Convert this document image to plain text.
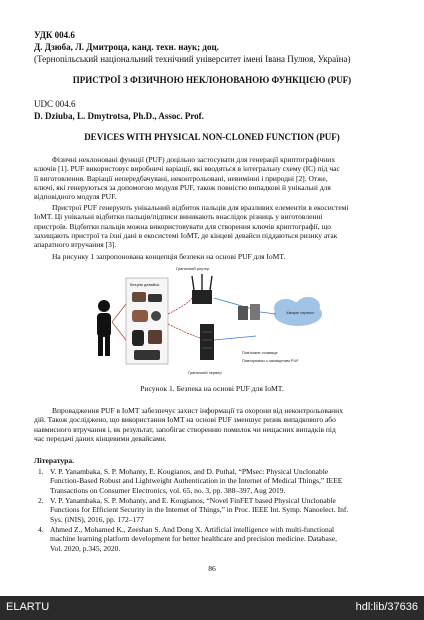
УДК 004.6
Д. Дзюба, Л. Дмитроца, канд. техн. наук; доц.
(Тернопільський національний технічний університет імені Івана Пулюя, Україна)
ПРИСТРОЇ З ФІЗИЧНОЮ НЕКЛОНОВАНОЮ ФУНКЦІЄЮ (PUF)
UDC 004.6
D. Dziuba, L. Dmytrotsa, Ph.D., Assoc. Prof.
DEVICES WITH PHYSICAL NON-CLONED FUNCTION (PUF)
Фізичні неклоновані функції (PUF) доцільно застосувати для генерації криптографічних
ключів [1]. PUF використовує виробничі варіації, які вводяться в інтегральну схему (ІС) під час
її виготовлення. Варіації непередбачувані, неконтрольовані, невимінні і природні [2]. Отже,
ключі, які генеруються за допомогою модуля PUF, також повністю випадкові й унікальні для
відповідного модуля PUF.
Пристрої PUF генерують унікальний відбиток пальців для вразливих елементів в екосистемі
IoMT. Ці унікальні відбитки пальців/підписи виникають внаслідок різниць у виготовленні
пристроїв. Відбитки пальців можна використовувати для створення ключів криптографії, що
захищають пристрої та їхні дані в екосистемі IoMT, де кінцеві девайси піддаються ризику атак
апаратного втручання [3].
На рисунку 1 запропонована концепція безпеки на основі PUF для IoMT.
Кінцеві девайси
Граничний роутер
Граничний сервер
Пов'язане сховище
Повторювач з захищеним PUF
Хмарні сервіси
Рисунок 1. Безпека на основі PUF для IoMT.
Впровадження PUF в IoMT забезпечує захист інформації та охорони від неконтрольованих
дій. Також досліджено, що використання IoMT на основі PUF зменшує ризик випадкового або
навмисного втручання і, як результат, запобігає створенню помилок чи нещасних випадків під
час передачі даних кінцевими девайсами.
Література.
1. V. P. Yanambaka, S. P. Mohanty, E. Kougianos, and D. Puthal, “PMsec: Physical Unclonable
Function-Based Robust and Lightweight Authentication in the Internet of Medical Things,” IEEE
Transactions on Consumer Electronics, vol. 65, no. 3, pp. 388–397, Aug 2019.
2. V. P. Yanambaka, S. P. Mohanty, and E. Kougianos, “Novel FinFET based Physical Unclonable
Functions for Efficient Security in the Internet of Things,” in Proc. IEEE Int. Symp. Nanoelect. Inf.
Sys. (iNIS), 2016, pp. 172–177
4. Ahmed Z., Mohamed K., Zeeshan S. And Dong X. Artificial intelligence with multi-functional
machine learning platform development for better healthcare and precision medicine. Database,
Vol. 2020, p.345, 2020.
86
ELARTU	hdl:lib/37636
